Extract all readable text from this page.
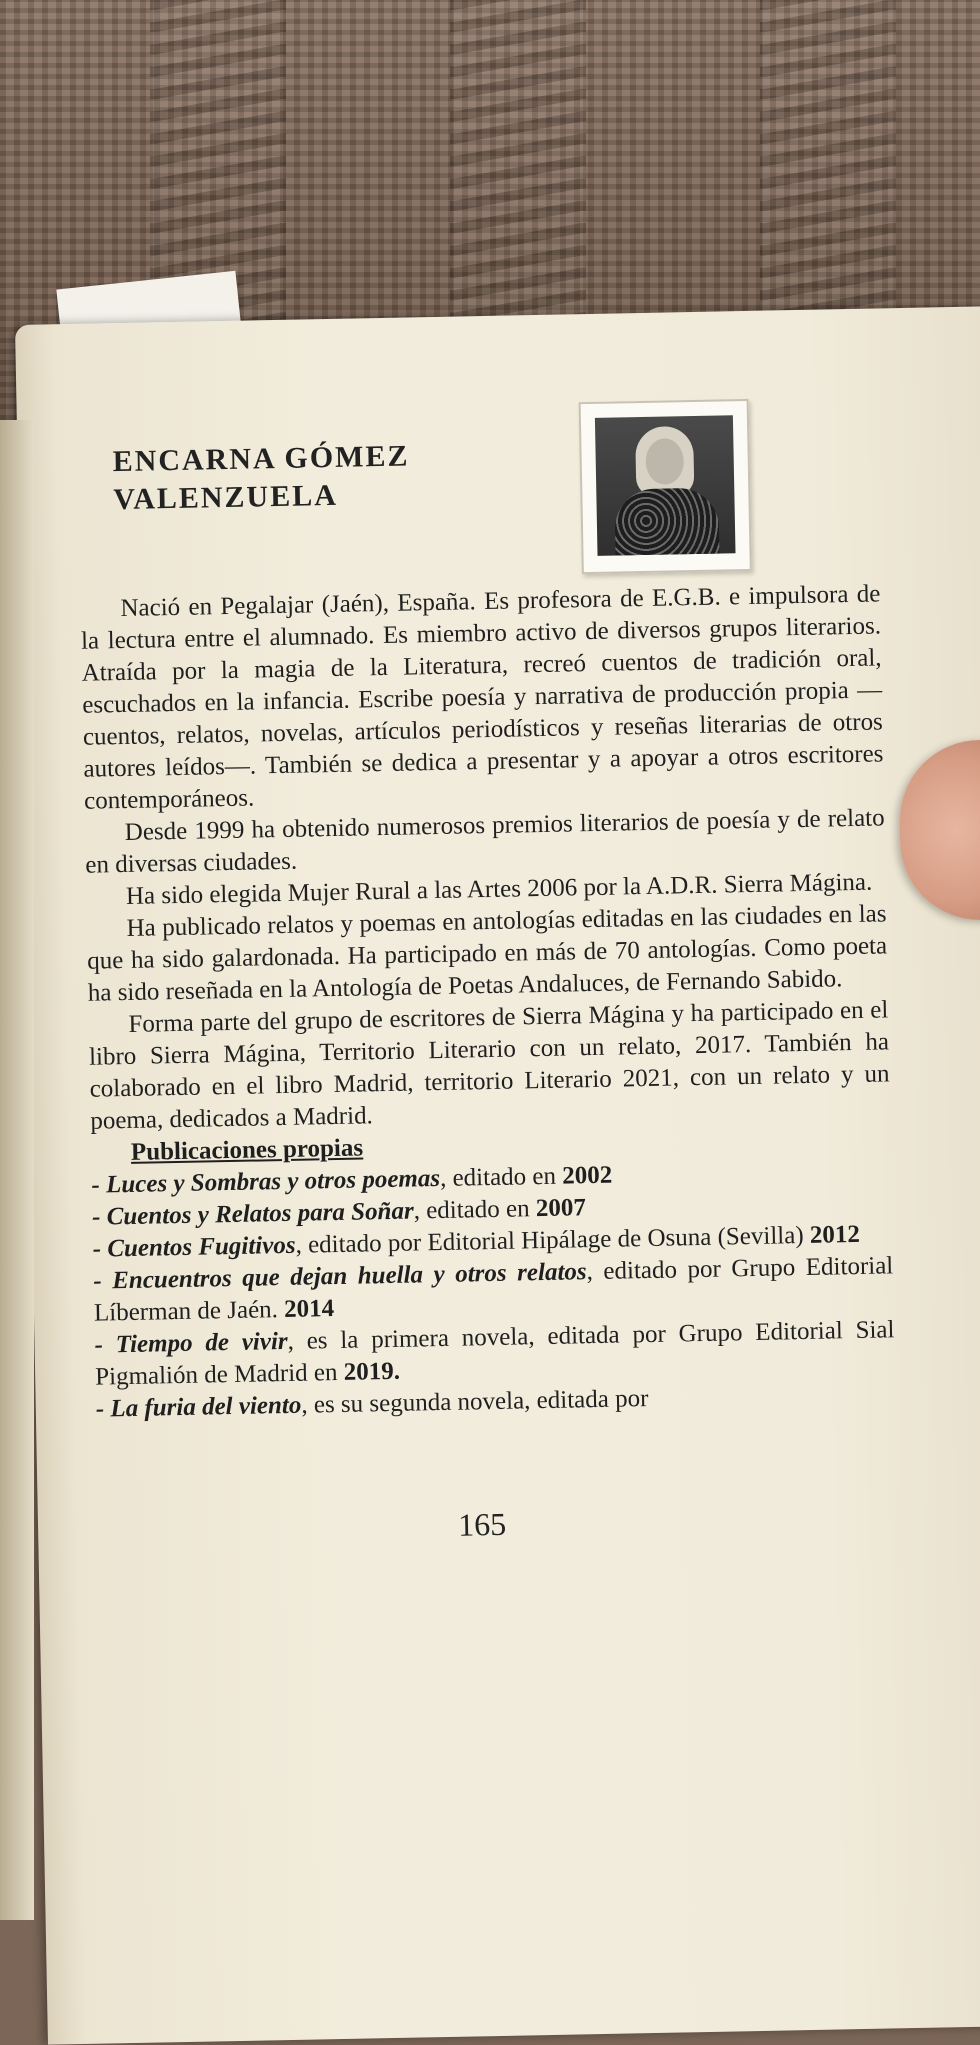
ENCARNA GÓMEZ
VALENZUELA

Nació en Pegalajar (Jaén), España. Es profesora de E.G.B. e impulsora de la lectura entre el alumnado. Es miembro activo de diversos grupos literarios. Atraída por la magia de la Literatura, recreó cuentos de tradición oral, escuchados en la infancia. Escribe poesía y narrativa de producción propia —cuentos, relatos, novelas, artículos periodísticos y reseñas literarias de otros autores leídos—. También se dedica a presentar y a apoyar a otros escritores contemporáneos.

Desde 1999 ha obtenido numerosos premios literarios de poesía y de relato en diversas ciudades.

Ha sido elegida Mujer Rural a las Artes 2006 por la A.D.R. Sierra Mágina.

Ha publicado relatos y poemas en antologías editadas en las ciudades en las que ha sido galardonada. Ha participado en más de 70 antologías. Como poeta ha sido reseñada en la Antología de Poetas Andaluces, de Fernando Sabido.

Forma parte del grupo de escritores de Sierra Mágina y ha participado en el libro Sierra Mágina, Territorio Literario con un relato, 2017. También ha colaborado en el libro Madrid, territorio Literario 2021, con un relato y un poema, dedicados a Madrid.

Publicaciones propias

- Luces y Sombras y otros poemas, editado en 2002

- Cuentos y Relatos para Soñar, editado en 2007

- Cuentos Fugitivos, editado por Editorial Hipálage de Osuna (Sevilla) 2012

- Encuentros que dejan huella y otros relatos, editado por Grupo Editorial Líberman de Jaén. 2014

- Tiempo de vivir, es la primera novela, editada por Grupo Editorial Sial Pigmalión de Madrid en 2019.

- La furia del viento, es su segunda novela, editada por

165
